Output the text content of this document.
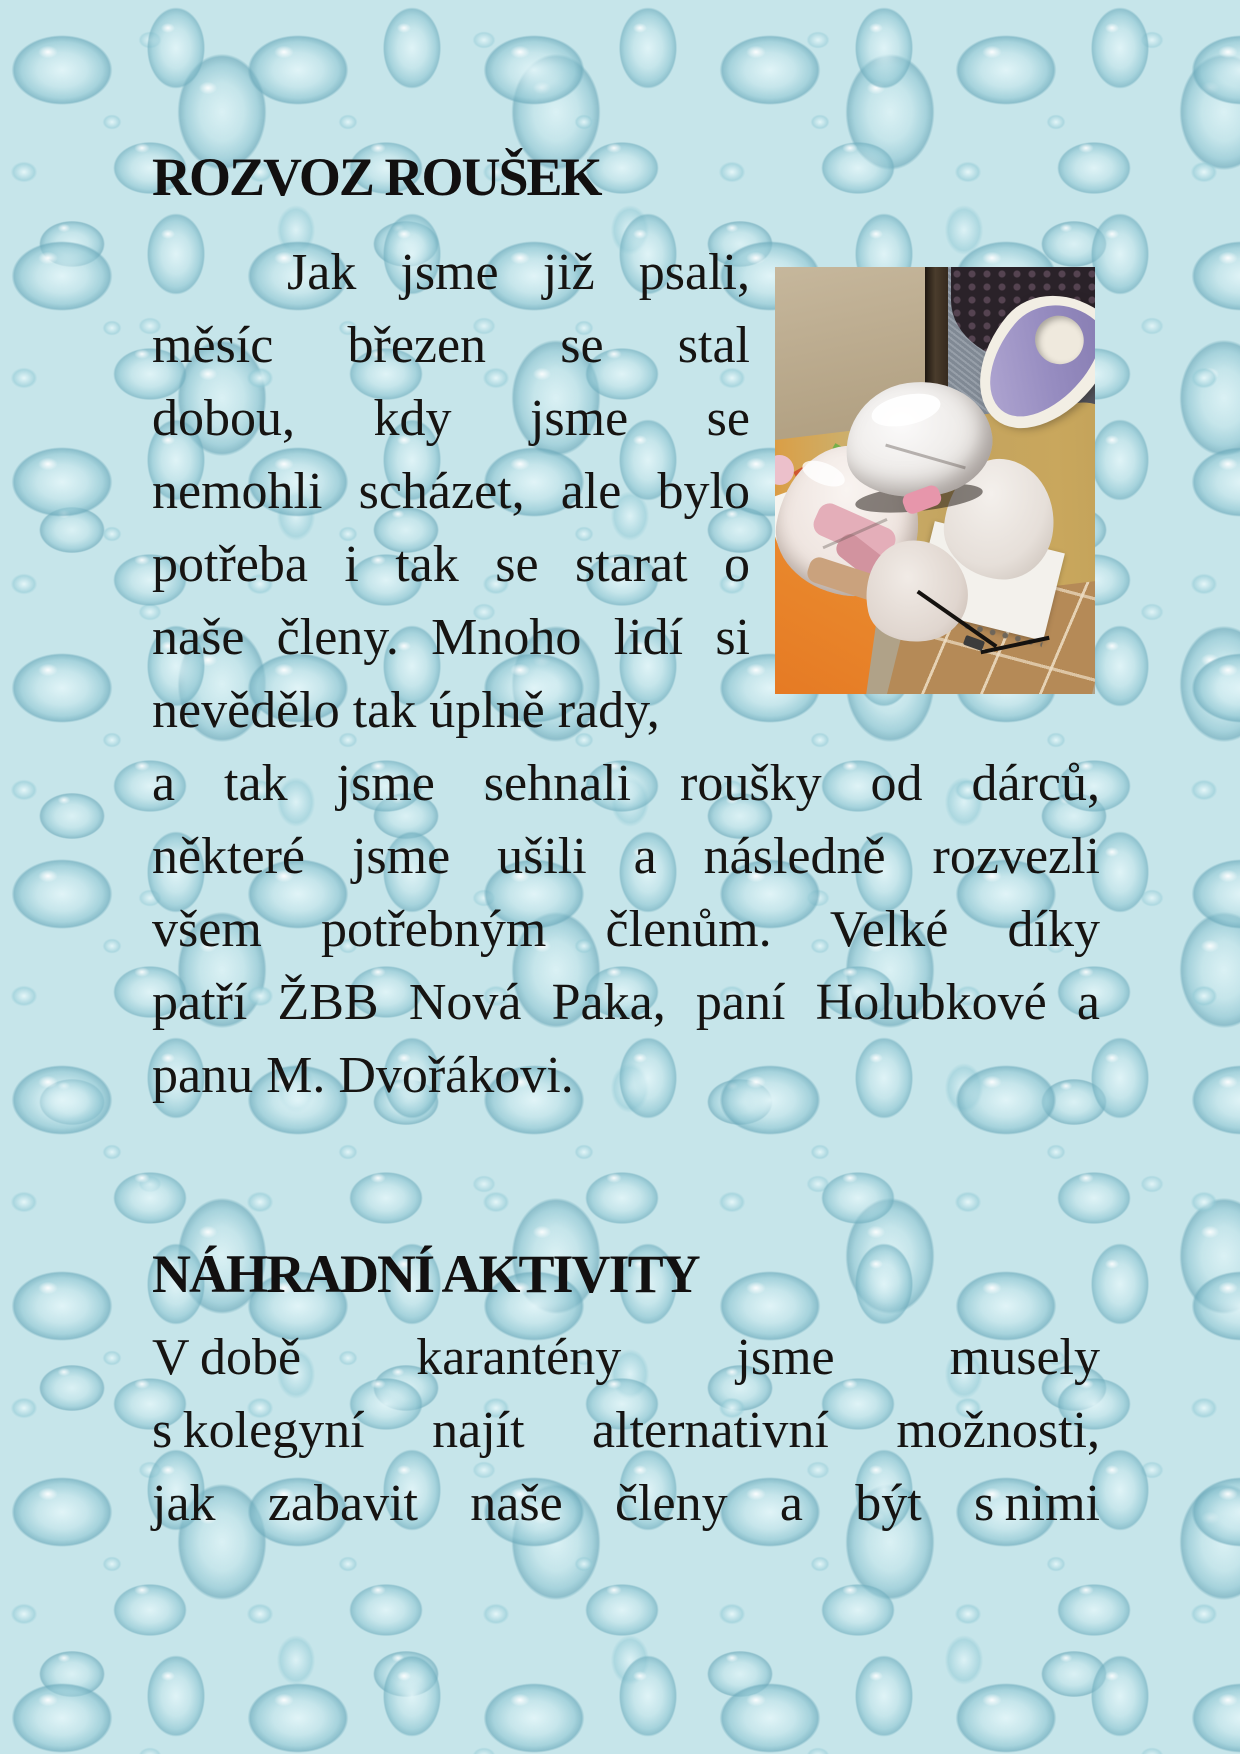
ROZVOZ ROUŠEK
Jak jsme již psali,
měsíc březen se stal
dobou, kdy jsme se
nemohli scházet, ale bylo
potřeba i tak se starat o
naše členy. Mnoho lidí si
nevědělo tak úplně rady,
a tak jsme sehnali roušky od dárců,
některé jsme ušili a následně rozvezli
všem potřebným členům. Velké díky
patří ŽBB Nová Paka, paní Holubkové a
panu M. Dvořákovi.
NÁHRADNÍ AKTIVITY
V době karantény jsme musely
s kolegyní najít alternativní možnosti,
jak zabavit naše členy a být s nimi
